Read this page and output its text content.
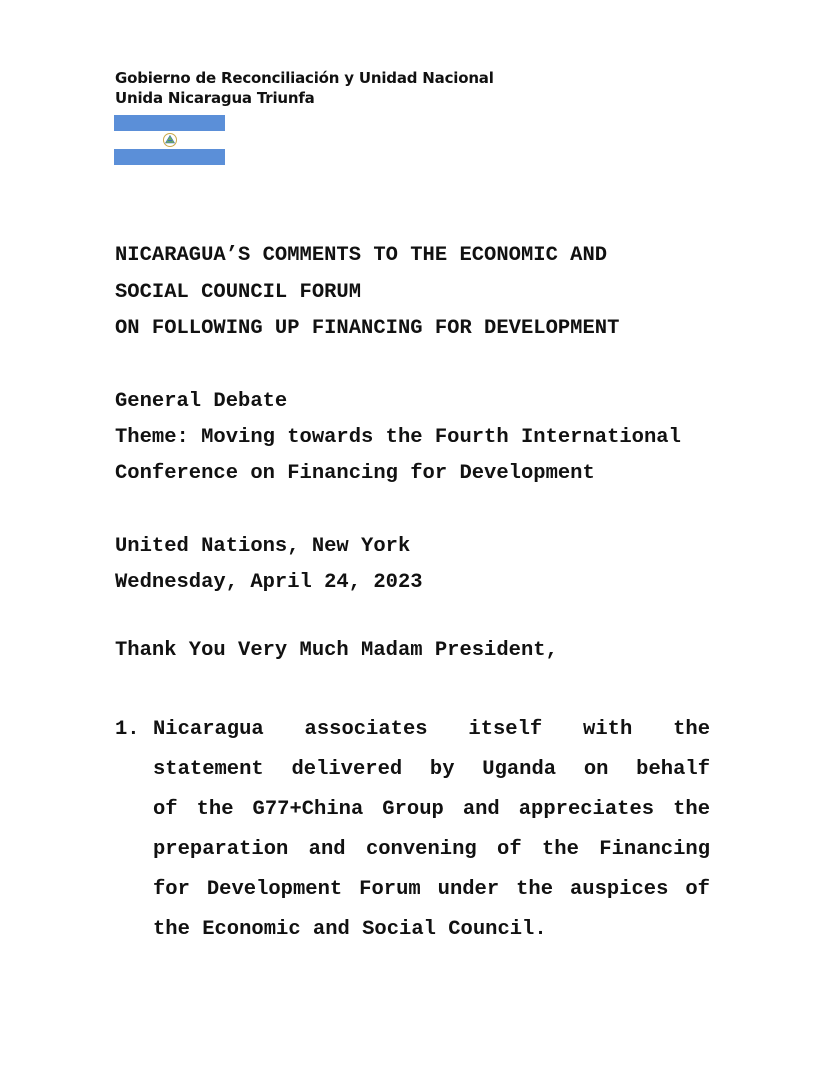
Gobierno de Reconciliación y Unidad Nacional
Unida Nicaragua Triunfa
NICARAGUA’S COMMENTS TO THE ECONOMIC AND
SOCIAL COUNCIL FORUM
ON FOLLOWING UP FINANCING FOR DEVELOPMENT
General Debate
Theme: Moving towards the Fourth International
Conference on Financing for Development
United Nations, New York
Wednesday, April 24, 2023
Thank You Very Much Madam President,
1. Nicaragua associates itself with the
statement delivered by Uganda on behalf
of the G77+China Group and appreciates the
preparation and convening of the Financing
for Development Forum under the auspices of
the Economic and Social Council.
